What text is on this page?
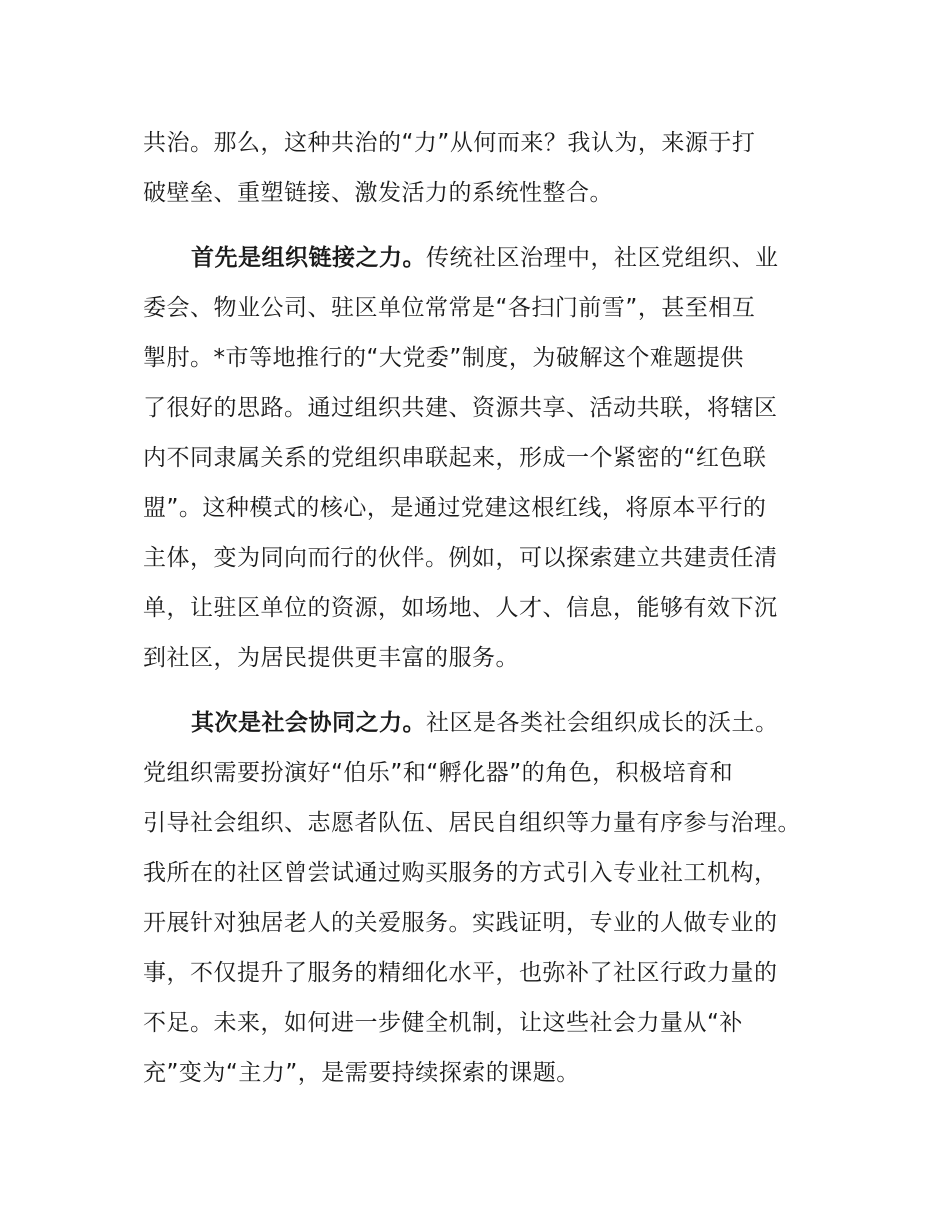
共治。那么，这种共治的“力”从何而来？我认为，来源于打
破壁垒、重塑链接、激发活力的系统性整合。
首先是组织链接之力。传统社区治理中，社区党组织、业
委会、物业公司、驻区单位常常是“各扫门前雪”，甚至相互
掣肘。*市等地推行的“大党委”制度，为破解这个难题提供
了很好的思路。通过组织共建、资源共享、活动共联，将辖区
内不同隶属关系的党组织串联起来，形成一个紧密的“红色联
盟”。这种模式的核心，是通过党建这根红线，将原本平行的
主体，变为同向而行的伙伴。例如，可以探索建立共建责任清
单，让驻区单位的资源，如场地、人才、信息，能够有效下沉
到社区，为居民提供更丰富的服务。
其次是社会协同之力。社区是各类社会组织成长的沃土。
党组织需要扮演好“伯乐”和“孵化器”的角色，积极培育和
引导社会组织、志愿者队伍、居民自组织等力量有序参与治理。
我所在的社区曾尝试通过购买服务的方式引入专业社工机构，
开展针对独居老人的关爱服务。实践证明，专业的人做专业的
事，不仅提升了服务的精细化水平，也弥补了社区行政力量的
不足。未来，如何进一步健全机制，让这些社会力量从“补
充”变为“主力”，是需要持续探索的课题。
